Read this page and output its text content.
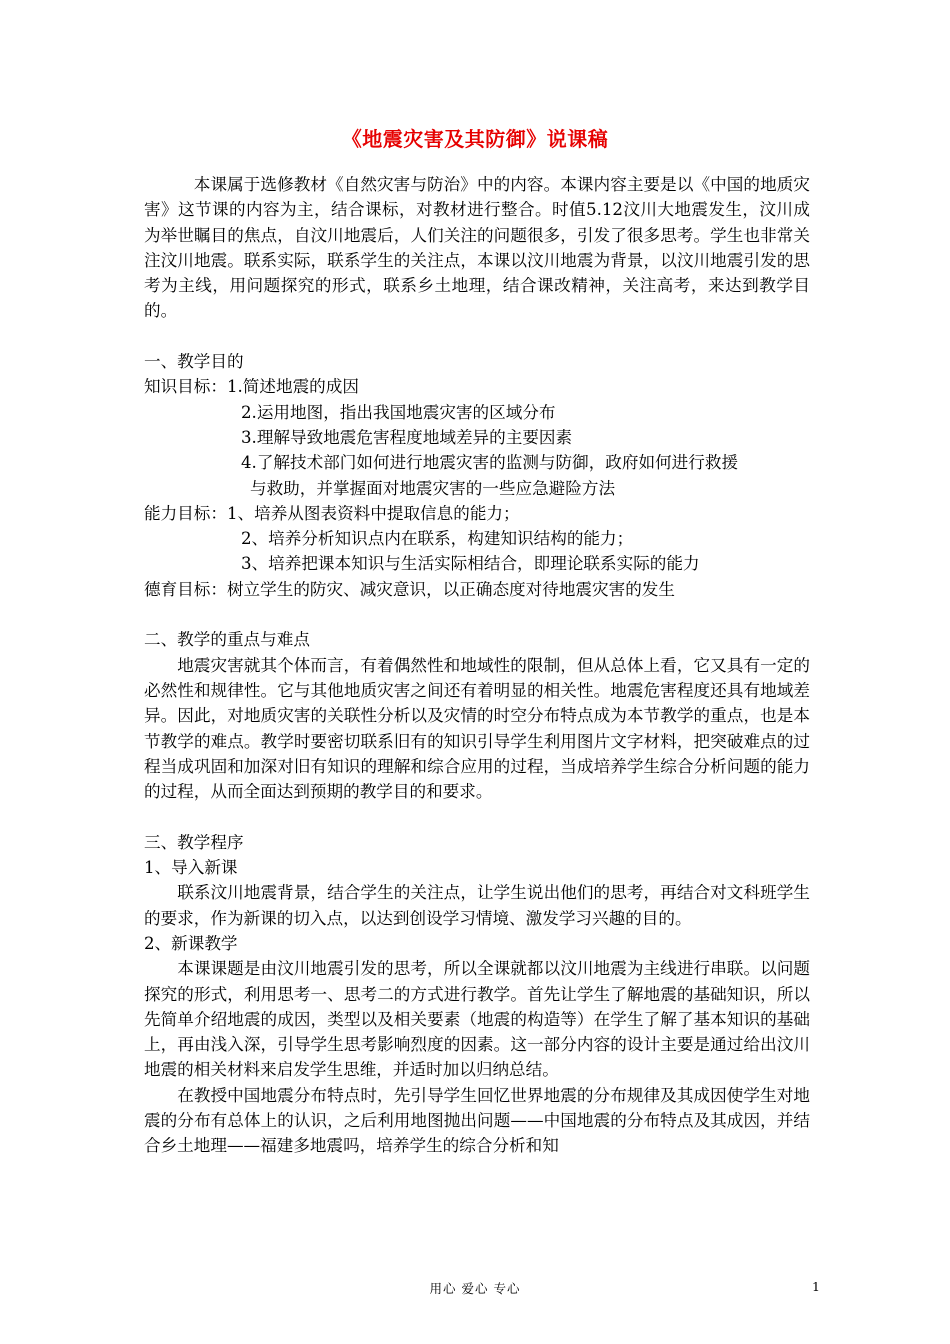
《地震灾害及其防御》说课稿

本课属于选修教材《自然灾害与防治》中的内容。本课内容主要是以《中国的地质灾害》这节课的内容为主，结合课标，对教材进行整合。时值5.12汶川大地震发生，汶川成为举世瞩目的焦点，自汶川地震后，人们关注的问题很多，引发了很多思考。学生也非常关注汶川地震。联系实际，联系学生的关注点，本课以汶川地震为背景，以汶川地震引发的思考为主线，用问题探究的形式，联系乡土地理，结合课改精神，关注高考，来达到教学目的。

一、教学目的

知识目标： 1.简述地震的成因

2.运用地图，指出我国地震灾害的区域分布

3.理解导致地震危害程度地域差异的主要因素

4.了解技术部门如何进行地震灾害的监测与防御，政府如何进行救援

与救助，并掌握面对地震灾害的一些应急避险方法

能力目标： 1、培养从图表资料中提取信息的能力；

2、培养分析知识点内在联系，构建知识结构的能力；

3、培养把课本知识与生活实际相结合，即理论联系实际的能力

德育目标： 树立学生的防灾、减灾意识，以正确态度对待地震灾害的发生

二、教学的重点与难点

地震灾害就其个体而言，有着偶然性和地域性的限制，但从总体上看，它又具有一定的必然性和规律性。它与其他地质灾害之间还有着明显的相关性。地震危害程度还具有地域差异。因此，对地质灾害的关联性分析以及灾情的时空分布特点成为本节教学的重点，也是本节教学的难点。教学时要密切联系旧有的知识引导学生利用图片文字材料，把突破难点的过程当成巩固和加深对旧有知识的理解和综合应用的过程，当成培养学生综合分析问题的能力的过程，从而全面达到预期的教学目的和要求。

三、教学程序

1、导入新课

联系汶川地震背景，结合学生的关注点，让学生说出他们的思考，再结合对文科班学生的要求，作为新课的切入点，以达到创设学习情境、激发学习兴趣的目的。

2、新课教学

本课课题是由汶川地震引发的思考，所以全课就都以汶川地震为主线进行串联。以问题探究的形式，利用思考一、思考二的方式进行教学。首先让学生了解地震的基础知识，所以先简单介绍地震的成因，类型以及相关要素（地震的构造等）在学生了解了基本知识的基础上，再由浅入深，引导学生思考影响烈度的因素。这一部分内容的设计主要是通过给出汶川地震的相关材料来启发学生思维，并适时加以归纳总结。

在教授中国地震分布特点时，先引导学生回忆世界地震的分布规律及其成因使学生对地震的分布有总体上的认识，之后利用地图抛出问题——中国地震的分布特点及其成因，并结合乡土地理——福建多地震吗，培养学生的综合分析和知

用心 爱心 专心	1
